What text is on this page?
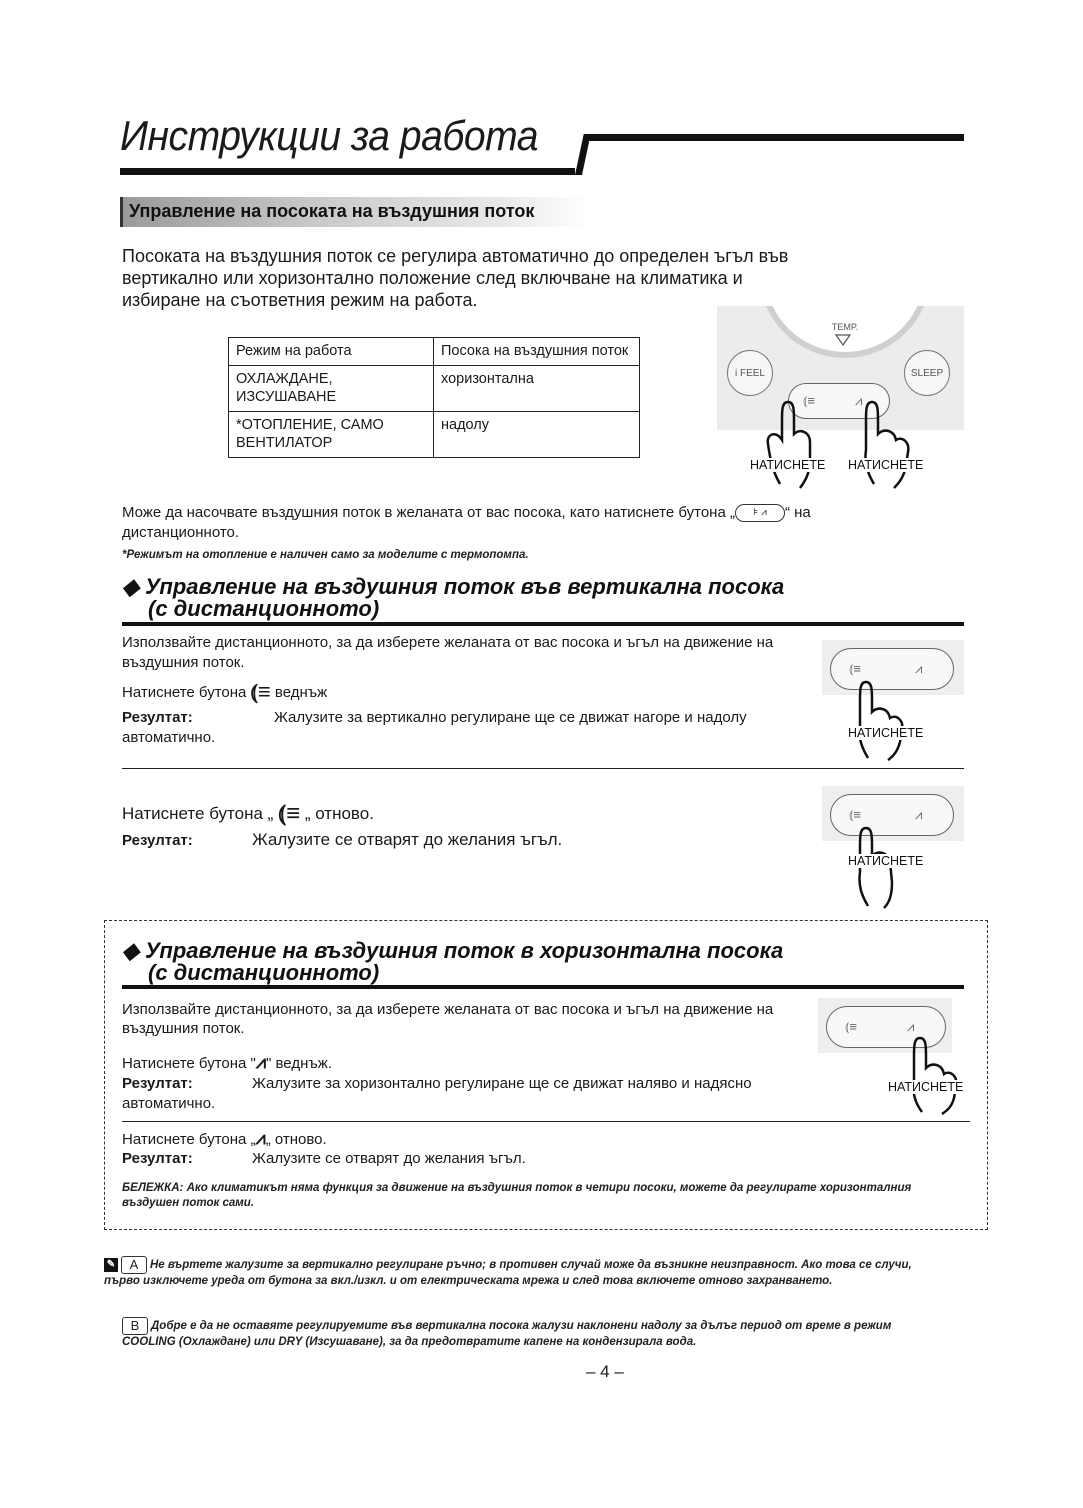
Инструкции за работа
Управление на посоката на въздушния поток
Посоката на въздушния поток се регулира автоматично до определен ъгъл във вертикално или хоризонтално положение след включване на климатика и избиране на съответния режим на работа.
Режим на работа	Посока на въздушния поток
ОХЛАЖДАНЕ, ИЗСУШАВАНЕ	хоризонтална
*ОТОПЛЕНИЕ, САМО ВЕНТИЛАТОР	надолу
TEMP.
i FEEL	SLEEP
⦅≡	⩘
НАТИСНЕТЕ НАТИСНЕТЕ
Може да насочвате въздушния поток в желаната от вас посока, като натиснете бутона „ ⊧ ⩘ “ на
дистанционното.
*Режимът на отопление е наличен само за моделите с термопомпа.
◆ Управление на въздушния поток във вертикална посока
(с дистанционното)
Използвайте дистанционното, за да изберете желаната от вас посока и ъгъл на движение на въздушния поток.
Натиснете бутона ⦅≡ веднъж
Резултат:	Жалузите за вертикално регулиране ще се движат нагоре и надолу
автоматично.
⦅≡	⩘
НАТИСНЕТЕ
Натиснете бутона „ ⦅≡ „ отново.
Резултат:	Жалузите се отварят до желания ъгъл.
⦅≡	⩘
НАТИСНЕТЕ
◆ Управление на въздушния поток в хоризонтална посока
(с дистанционното)
Използвайте дистанционното, за да изберете желаната от вас посока и ъгъл на движение на въздушния поток.
Натиснете бутона "⩘" веднъж.
Резултат:	Жалузите за хоризонтално регулиране ще се движат наляво и надясно
автоматично.
⦅≡	⩘
НАТИСНЕТЕ
Натиснете бутона „⩘„ отново.
Резултат:	Жалузите се отварят до желания ъгъл.
БЕЛЕЖКА: Ако климатикът няма функция за движение на въздушния поток в четири посоки, можете да регулирате хоризонталния въздушен поток сами.
✎ A Не въртете жалузите за вертикално регулиране ръчно; в противен случай може да възникне неизправност. Ако това се случи, първо изключете уреда от бутона за вкл./изкл. и от електрическата мрежа и след това включете отново захранването.
B Добре е да не оставяте регулируемите във вертикална посока жалузи наклонени надолу за дълъг период от време в режим COOLING (Охлаждане) или DRY (Изсушаване), за да предотвратите капене на кондензирала вода.
– 4 –
